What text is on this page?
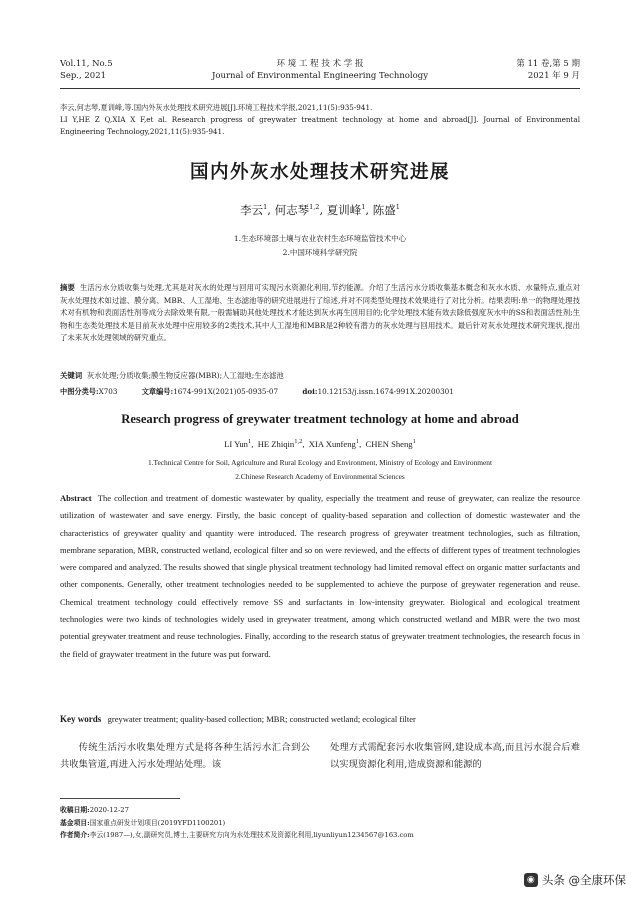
Vol.11, No.5
Sep., 2021
环 境 工 程 技 术 学 报
Journal of Environmental Engineering Technology
第 11 卷,第 5 期
2021 年 9 月
李云,何志琴,夏训峰,等.国内外灰水处理技术研究进展[J].环境工程技术学报,2021,11(5):935-941.
LI Y,HE Z Q,XIA X F,et al. Research progress of greywater treatment technology at home and abroad[J]. Journal of Environmental Engineering Technology,2021,11(5):935-941.
国内外灰水处理技术研究进展
李云$^1$, 何志琴$^{1,2}$, 夏训峰$^1$, 陈盛$^1$
1.生态环境部土壤与农业农村生态环境监管技术中心
2.中国环境科学研究院
摘要 生活污水分质收集与处理,尤其是对灰水的处理与回用可实现污水资源化利用,节约能源。介绍了生活污水分质收集基本概念和灰水水质、水量特点,重点对灰水处理技术如过滤、膜分离、MBR、人工湿地、生态滤池等的研究进展进行了综述,并对不同类型处理技术效果进行了对比分析。结果表明:单一的物理处理技术对有机物和表面活性剂等成分去除效果有限,一般需辅助其他处理技术才能达到灰水再生回用目的;化学处理技术能有效去除低强度灰水中的SS和表面活性剂;生物和生态类处理技术是目前灰水处理中应用较多的2类技术,其中人工湿地和MBR是2种较有潜力的灰水处理与回用技术。最后针对灰水处理技术研究现状,提出了未来灰水处理领域的研究重点。
关键词 灰水处理;分质收集;膜生物反应器(MBR);人工湿地;生态滤池
中图分类号:X703	文章编号:1674-991X(2021)05-0935-07	doi:10.12153/j.issn.1674-991X.20200301
Research progress of greywater treatment technology at home and abroad
LI Yun$^1$,  HE Zhiqin$^{1,2}$,  XIA Xunfeng$^1$,  CHEN Sheng$^1$
1.Technical Centre for Soil, Agriculture and Rural Ecology and Environment, Ministry of Ecology and Environment
2.Chinese Research Academy of Environmental Sciences
Abstract The collection and treatment of domestic wastewater by quality, especially the treatment and reuse of greywater, can realize the resource utilization of wastewater and save energy. Firstly, the basic concept of quality-based separation and collection of domestic wastewater and the characteristics of greywater quality and quantity were introduced. The research progress of greywater treatment technologies, such as filtration, membrane separation, MBR, constructed wetland, ecological filter and so on were reviewed, and the effects of different types of treatment technologies were compared and analyzed. The results showed that single physical treatment technology had limited removal effect on organic matter surfactants and other components. Generally, other treatment technologies needed to be supplemented to achieve the purpose of greywater regeneration and reuse. Chemical treatment technology could effectively remove SS and surfactants in low-intensity greywater. Biological and ecological treatment technologies were two kinds of technologies widely used in greywater treatment, among which constructed wetland and MBR were the two most potential greywater treatment and reuse technologies. Finally, according to the research status of greywater treatment technologies, the research focus in the field of graywater treatment in the future was put forward.
Key words greywater treatment; quality-based collection; MBR; constructed wetland; ecological filter
传统生活污水收集处理方式是将各种生活污水汇合到公共收集管道,再进入污水处理站处理。该
处理方式需配套污水收集管网,建设成本高,而且污水混合后难以实现资源化利用,造成资源和能源的
收稿日期:2020-12-27
基金项目:国家重点研发计划项目(2019YFD1100201)
作者简介:李云(1987—),女,副研究员,博士,主要研究方向为水处理技术及资源化利用,liyunliyun1234567@163.com
◉ 头条 @全康环保
